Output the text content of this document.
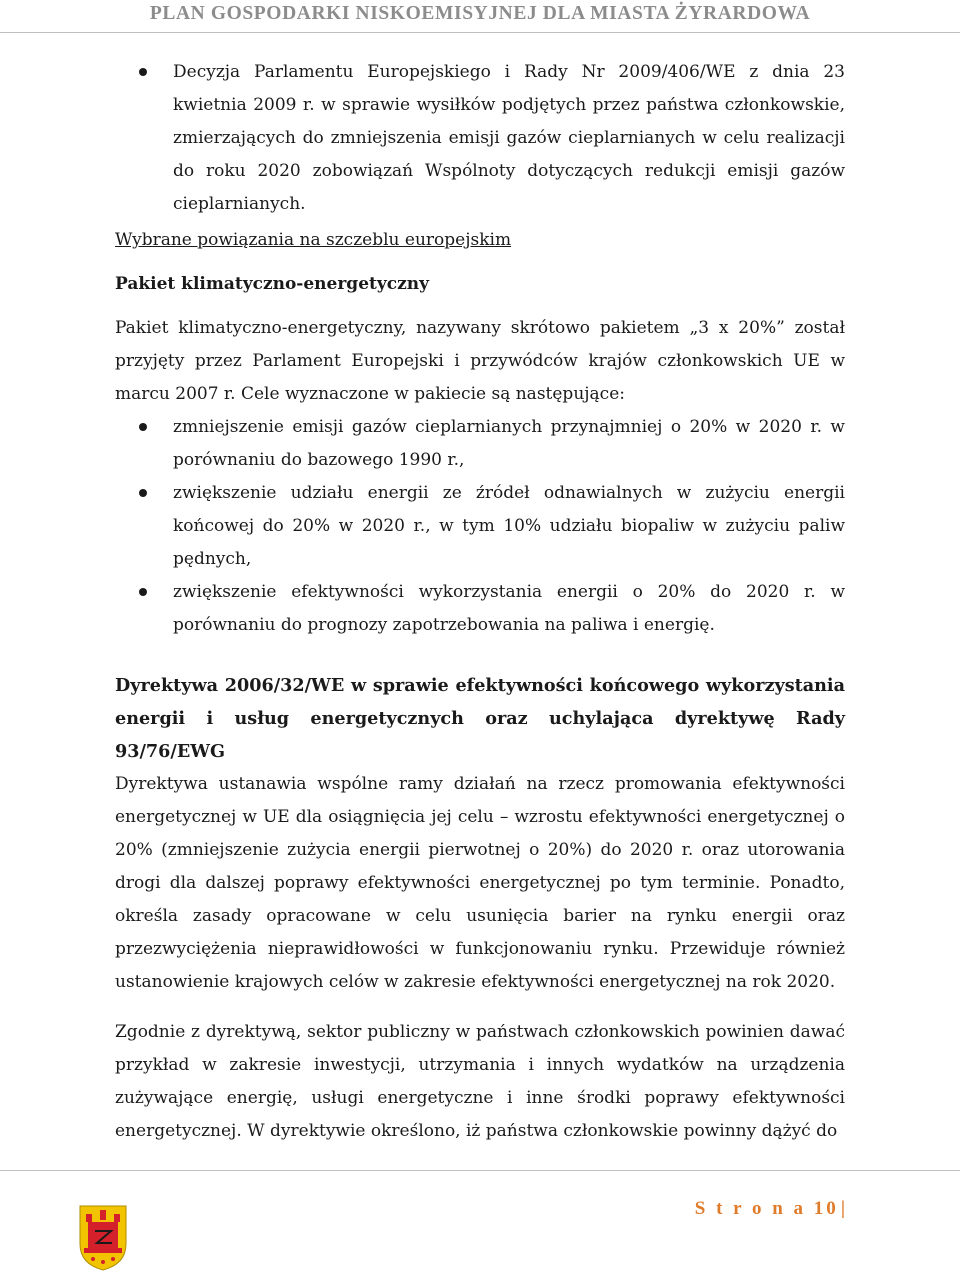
PLAN GOSPODARKI NISKOEMISYJNEJ DLA MIASTA ŻYRARDOWA
Decyzja Parlamentu Europejskiego i Rady Nr 2009/406/WE z dnia 23 kwietnia 2009 r. w sprawie wysiłków podjętych przez państwa członkowskie, zmierzających do zmniejszenia emisji gazów cieplarnianych w celu realizacji do roku 2020 zobowiązań Wspólnoty dotyczących redukcji emisji gazów cieplarnianych.

Wybrane powiązania na szczeblu europejskim

Pakiet klimatyczno-energetyczny

Pakiet klimatyczno-energetyczny, nazywany skrótowo pakietem „3 x 20%” został przyjęty przez Parlament Europejski i przywódców krajów członkowskich UE w marcu 2007 r. Cele wyznaczone w pakiecie są następujące:

zmniejszenie emisji gazów cieplarnianych przynajmniej o 20% w 2020 r. w porównaniu do bazowego 1990 r.,
zwiększenie udziału energii ze źródeł odnawialnych w zużyciu energii końcowej do 20% w 2020 r., w tym 10% udziału biopaliw w zużyciu paliw pędnych,
zwiększenie efektywności wykorzystania energii o 20% do 2020 r. w porównaniu do prognozy zapotrzebowania na paliwa i energię.

Dyrektywa 2006/32/WE w sprawie efektywności końcowego wykorzystania energii i usług energetycznych oraz uchylająca dyrektywę Rady 93/76/EWG

Dyrektywa ustanawia wspólne ramy działań na rzecz promowania efektywności energetycznej w UE dla osiągnięcia jej celu – wzrostu efektywności energetycznej o 20% (zmniejszenie zużycia energii pierwotnej o 20%) do 2020 r. oraz utorowania drogi dla dalszej poprawy efektywności energetycznej po tym terminie. Ponadto, określa zasady opracowane w celu usunięcia barier na rynku energii oraz przezwyciężenia nieprawidłowości w funkcjonowaniu rynku. Przewiduje również ustanowienie krajowych celów w zakresie efektywności energetycznej na rok 2020.

Zgodnie z dyrektywą, sektor publiczny w państwach członkowskich powinien dawać przykład w zakresie inwestycji, utrzymania i innych wydatków na urządzenia zużywające energię, usługi energetyczne i inne środki poprawy efektywności energetycznej. W dyrektywie określono, iż państwa członkowskie powinny dążyć do

S t r o n a 10 |
